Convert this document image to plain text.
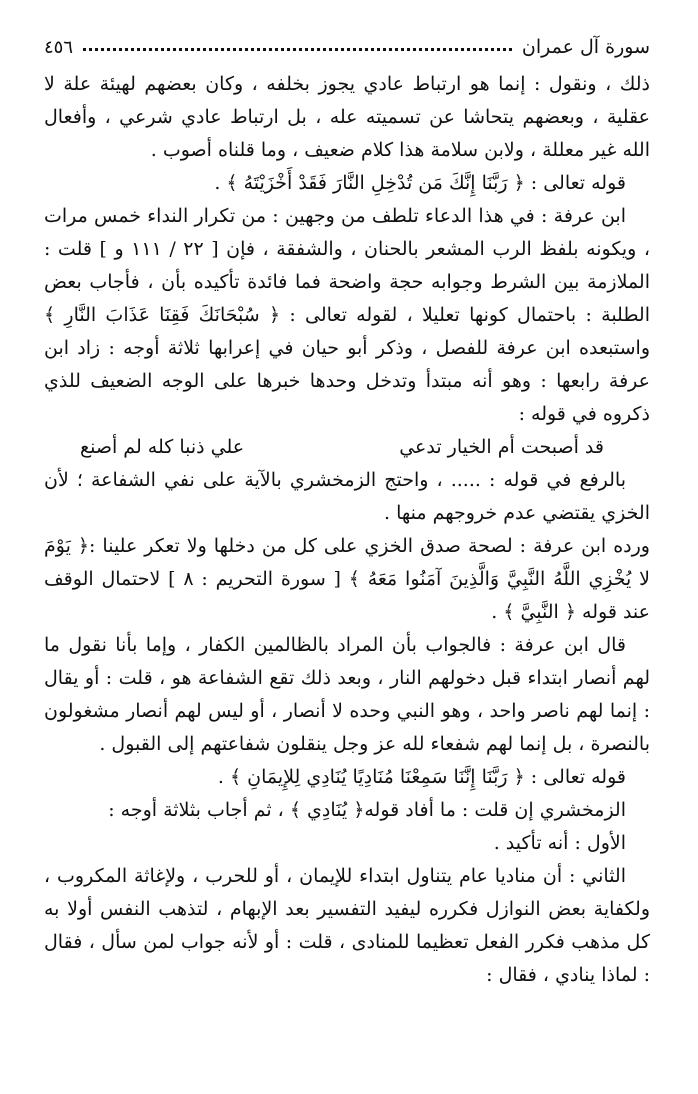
سورة آل عمران
٤٥٦

ذلك ، ونقول : إنما هو ارتباط عادي يجوز بخلفه ، وكان بعضهم لهيئة علة لا عقلية ، وبعضهم يتحاشا عن تسميته عله ، بل ارتباط عادي شرعي ، وأفعال الله غير معللة ، ولابن سلامة هذا كلام ضعيف ، وما قلناه أصوب .

قوله تعالى : ﴿ رَبَّنَا إِنَّكَ مَن تُدْخِلِ النَّارَ فَقَدْ أَخْزَيْتَهُ ﴾ .

ابن عرفة : في هذا الدعاء تلطف من وجهين : من تكرار النداء خمس مرات ، ويكونه بلفظ الرب المشعر بالحنان ، والشفقة ، فإن [ ٢٢ / ١١١ و ] قلت : الملازمة بين الشرط وجوابه حجة واضحة فما فائدة تأكيده بأن ، فأجاب بعض الطلبة : باحتمال كونها تعليلا ، لقوله تعالى : ﴿ سُبْحَانَكَ فَقِنَا عَذَابَ النَّارِ ﴾ واستبعده ابن عرفة للفصل ، وذكر أبو حيان في إعرابها ثلاثة أوجه : زاد ابن عرفة رابعها : وهو أنه مبتدأ وتدخل وحدها خبرها على الوجه الضعيف للذي ذكروه في قوله :

قد أصبحت أم الخيار تدعي
علي ذنبا كله لم أصنع

بالرفع في قوله : ..... ، واحتج الزمخشري بالآية على نفي الشفاعة ؛ لأن الخزي يقتضي عدم خروجهم منها .

ورده ابن عرفة : لصحة صدق الخزي على كل من دخلها ولا تعكر علينا :﴿ يَوْمَ لا يُخْزِي اللَّهُ النَّبِيَّ وَالَّذِينَ آمَنُوا مَعَهُ ﴾ [ سورة التحريم : ٨ ] لاحتمال الوقف عند قوله ﴿ النَّبِيَّ ﴾ .

قال ابن عرفة : فالجواب بأن المراد بالظالمين الكفار ، وإما بأنا نقول ما لهم أنصار ابتداء قبل دخولهم النار ، وبعد ذلك تقع الشفاعة هو ، قلت : أو يقال : إنما لهم ناصر واحد ، وهو النبي وحده لا أنصار ، أو ليس لهم أنصار مشغولون بالنصرة ، بل إنما لهم شفعاء لله عز وجل ينقلون شفاعتهم إلى القبول .

قوله تعالى : ﴿ رَبَّنَا إِنَّنَا سَمِعْنَا مُنَادِيًا يُنَادِي لِلإِيمَانِ ﴾ .

الزمخشري إن قلت : ما أفاد قوله﴿ يُنَادِي ﴾ ، ثم أجاب بثلاثة أوجه :

الأول : أنه تأكيد .

الثاني : أن مناديا عام يتناول ابتداء للإيمان ، أو للحرب ، ولإغاثة المكروب ، ولكفاية بعض النوازل فكرره ليفيد التفسير بعد الإبهام ، لتذهب النفس أولا به كل مذهب فكرر الفعل تعظيما للمنادى ، قلت : أو لأنه جواب لمن سأل ، فقال : لماذا ينادي ، فقال :
